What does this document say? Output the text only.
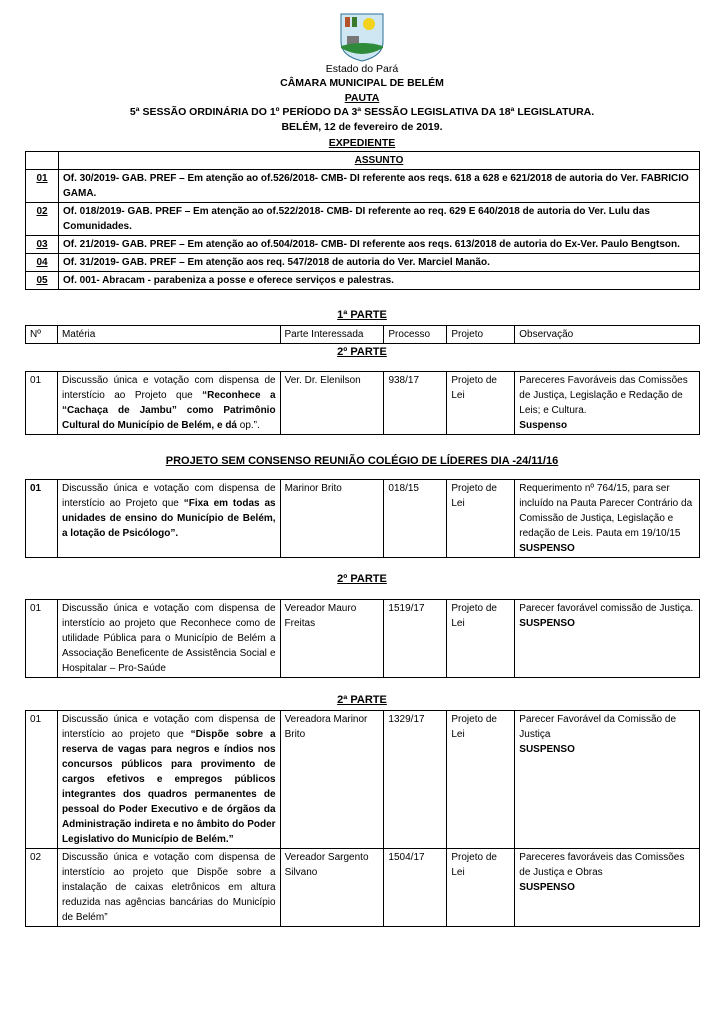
Estado do Pará
CÂMARA MUNICIPAL DE BELÉM
PAUTA
5ª SESSÃO ORDINÁRIA DO 1º PERÍODO DA 3ª SESSÃO LEGISLATIVA DA 18ª LEGISLATURA.
BELÉM, 12 de fevereiro de 2019.
EXPEDIENTE
	ASSUNTO
01	Of. 30/2019- GAB. PREF – Em atenção ao of.526/2018- CMB- DI referente aos reqs. 618 a 628 e 621/2018 de autoria do Ver. FABRICIO GAMA.
02	Of. 018/2019- GAB. PREF – Em atenção ao of.522/2018- CMB- DI referente ao req. 629 E 640/2018 de autoria do Ver. Lulu das Comunidades.
03	Of. 21/2019- GAB. PREF – Em atenção ao of.504/2018- CMB- DI referente aos reqs. 613/2018 de autoria do Ex-Ver. Paulo Bengtson.
04	Of. 31/2019- GAB. PREF – Em atenção aos req. 547/2018 de autoria do Ver. Marciel Manão.
05	Of. 001- Abracam - parabeniza a posse e oferece serviços e palestras.
1ª PARTE
Nº	Matéria	Parte Interessada	Processo	Projeto	Observação
2º PARTE
01	Discussão única e votação com dispensa de interstício ao Projeto que “Reconhece a “Cachaça de Jambu” como Patrimônio Cultural do Município de Belém, e dá op.”.	Ver. Dr. Elenilson	938/17	Projeto de Lei	Pareceres Favoráveis das Comissões de Justiça, Legislação e Redação de Leis; e Cultura.
Suspenso
PROJETO SEM CONSENSO REUNIÃO COLÉGIO DE LÍDERES DIA -24/11/16
01	Discussão única e votação com dispensa de interstício ao Projeto que “Fixa em todas as unidades de ensino do Município de Belém, a lotação de Psicólogo”.	Marinor Brito	018/15	Projeto de Lei	Requerimento nº 764/15, para ser incluído na Pauta Parecer Contrário da Comissão de Justiça, Legislação e redação de Leis. Pauta em 19/10/15
SUSPENSO
2º PARTE
01	Discussão única e votação com dispensa de interstício ao projeto que Reconhece como de utilidade Pública para o Município de Belém a Associação Beneficente de Assistência Social e Hospitalar – Pro-Saúde	Vereador Mauro Freitas	1519/17	Projeto de Lei	Parecer favorável comissão de Justiça.
SUSPENSO
2ª PARTE
01	Discussão única e votação com dispensa de interstício ao projeto que “Dispõe sobre a reserva de vagas para negros e índios nos concursos públicos para provimento de cargos efetivos e empregos públicos integrantes dos quadros permanentes de pessoal do Poder Executivo e de órgãos da Administração indireta e no âmbito do Poder Legislativo do Município de Belém.”	Vereadora Marinor Brito	1329/17	Projeto de Lei	Parecer Favorável da Comissão de Justiça
SUSPENSO
02	Discussão única e votação com dispensa de interstício ao projeto que Dispõe sobre a instalação de caixas eletrônicos em altura reduzida nas agências bancárias do Município de Belém”	Vereador Sargento Silvano	1504/17	Projeto de Lei	Pareceres favoráveis das Comissões de Justiça e Obras
SUSPENSO
